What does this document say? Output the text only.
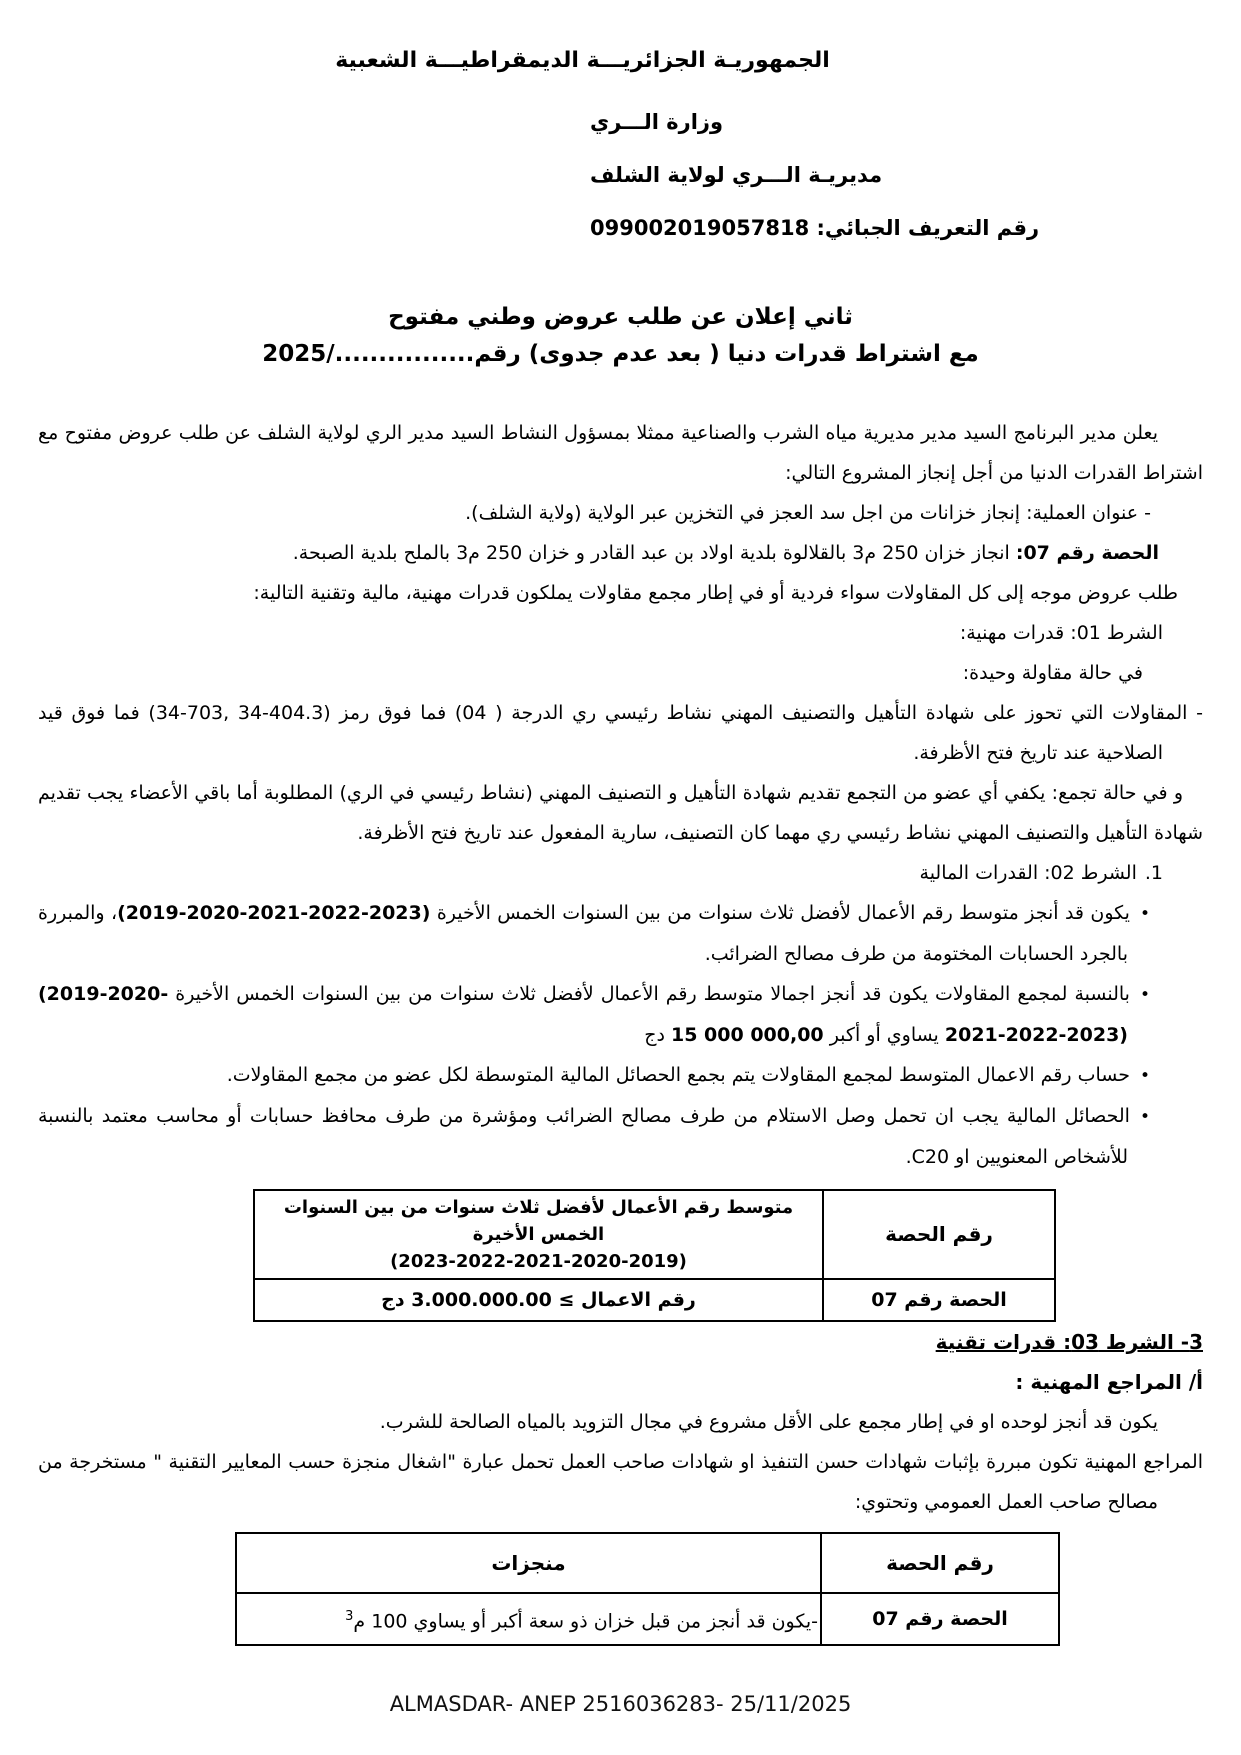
الجمهوريـة الجزائريـــة الديمقراطيـــة الشعبية
وزارة الـــري
مديريـة الـــري لولاية الشلف
رقم التعريف الجبائي: 099002019057818
ثاني إعلان عن طلب عروض وطني مفتوح
مع اشتراط قدرات دنيا ( بعد عدم جدوى) رقم................/2025

يعلن مدير البرنامج السيد مدير مديرية مياه الشرب والصناعية ممثلا بمسؤول النشاط السيد مدير الري لولاية الشلف عن طلب عروض مفتوح مع اشتراط القدرات الدنيا من أجل إنجاز المشروع التالي:

- عنوان العملية: إنجاز خزانات من اجل سد العجز في التخزين عبر الولاية (ولاية الشلف).

الحصة رقم 07: انجاز خزان 250 م3 بالقلالوة بلدية اولاد بن عبد القادر و خزان 250 م3 بالملح بلدية الصبحة.

طلب عروض موجه إلى كل المقاولات سواء فردية أو في إطار مجمع مقاولات يملكون قدرات مهنية، مالية وتقنية التالية:

الشرط 01: قدرات مهنية:

في حالة مقاولة وحيدة:

- المقاولات التي تحوز على شهادة التأهيل والتصنيف المهني نشاط رئيسي ري الدرجة (04 ) فما فوق رمز (34-703, 34-404.3) فما فوق قيد الصلاحية عند تاريخ فتح الأظرفة.

و في حالة تجمع: يكفي أي عضو من التجمع تقديم شهادة التأهيل و التصنيف المهني (نشاط رئيسي في الري) المطلوبة أما باقي الأعضاء يجب تقديم شهادة التأهيل والتصنيف المهني نشاط رئيسي ري مهما كان التصنيف، سارية المفعول عند تاريخ فتح الأظرفة.

1.الشرط 02: القدرات المالية

•يكون قد أنجز متوسط رقم الأعمال لأفضل ثلاث سنوات من بين السنوات الخمس الأخيرة (2019-2020-2021-2022-2023)، والمبررة بالجرد الحسابات المختومة من طرف مصالح الضرائب.

•بالنسبة لمجمع المقاولات يكون قد أنجز اجمالا متوسط رقم الأعمال لأفضل ثلاث سنوات من بين السنوات الخمس الأخيرة (2019-2020-2021-2022-2023) يساوي أو أكبر 15 000 000,00 دج

•حساب رقم الاعمال المتوسط لمجمع المقاولات يتم بجمع الحصائل المالية المتوسطة لكل عضو من مجمع المقاولات.

•الحصائل المالية يجب ان تحمل وصل الاستلام من طرف مصالح الضرائب ومؤشرة من طرف محافظ حسابات أو محاسب معتمد بالنسبة للأشخاص المعنويين او C20.

رقم الحصة	متوسط رقم الأعمال لأفضل ثلاث سنوات من بين السنوات الخمس الأخيرة
(2023-2022-2021-2020-2019)

الحصة رقم 07	رقم الاعمال ≥ 3.000.000.00 دج

3- الشرط 03: قدرات تقنية

أ/ المراجع المهنية :

يكون قد أنجز لوحده او في إطار مجمع على الأقل مشروع في مجال التزويد بالمياه الصالحة للشرب.

المراجع المهنية تكون مبررة بإثبات شهادات حسن التنفيذ او شهادات صاحب العمل تحمل عبارة "اشغال منجزة حسب المعايير التقنية " مستخرجة من مصالح صاحب العمل العمومي وتحتوي:

رقم الحصة	منجزات
الحصة رقم 07	-يكون قد أنجز من قبل خزان ذو سعة أكبر أو يساوي 100 م$^3$
ALMASDAR- ANEP 2516036283- 25/11/2025
